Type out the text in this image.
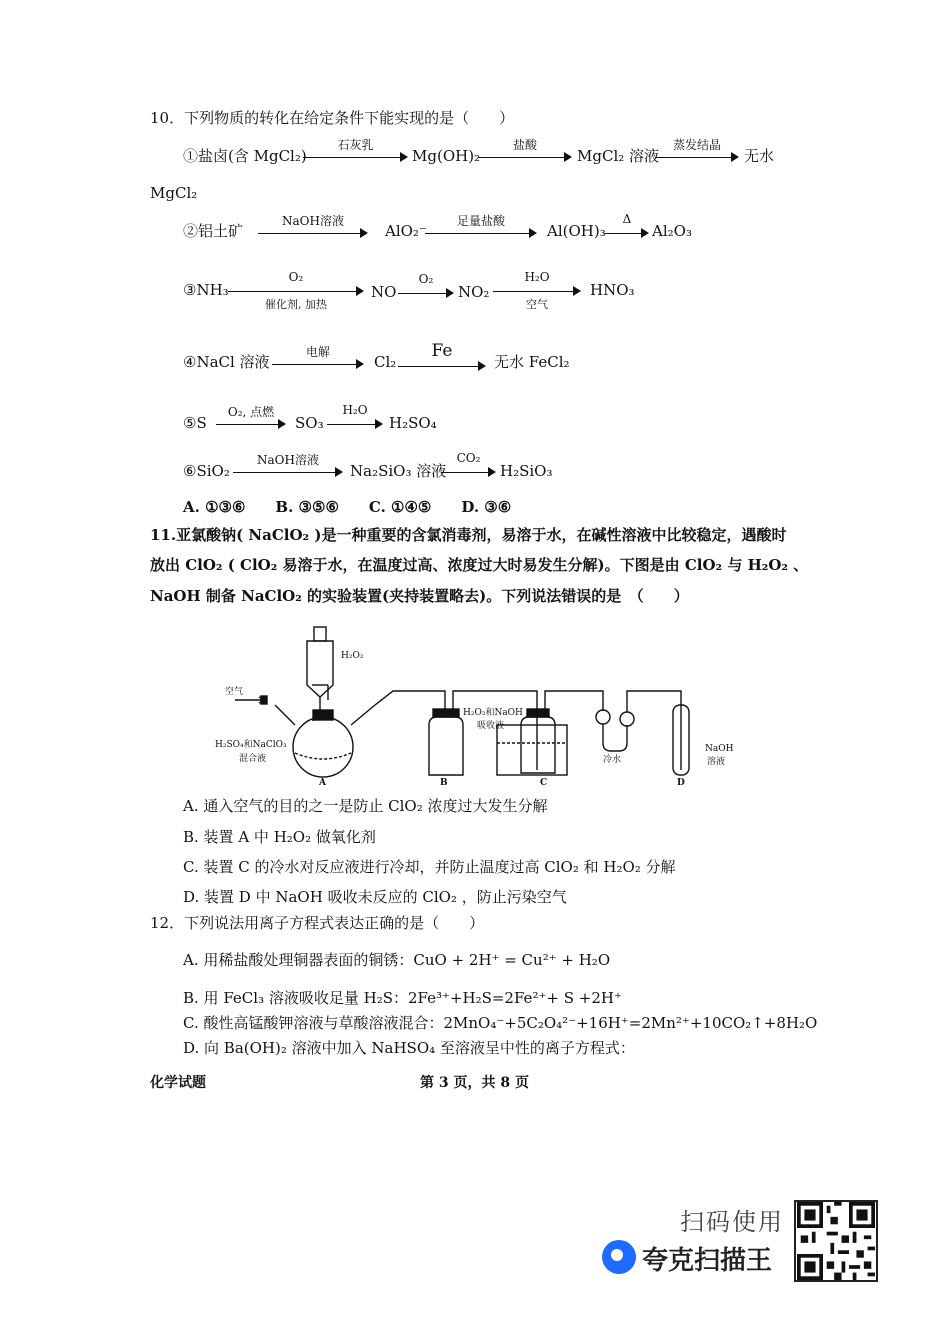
10．下列物质的转化在给定条件下能实现的是（　　）
①盐卤(含 MgCl₂)
石灰乳
Mg(OH)₂
盐酸
MgCl₂ 溶液
蒸发结晶
无水
MgCl₂
②铝土矿
NaOH溶液
AlO₂⁻
足量盐酸
Al(OH)₃
Δ
Al₂O₃
③NH₃
O₂
催化剂, 加热
NO
O₂
NO₂
H₂O
空气
HNO₃
④NaCl 溶液
电解
Cl₂
Fe
无水 FeCl₂
⑤S
O₂, 点燃
SO₃
H₂O
H₂SO₄
⑥SiO₂
NaOH溶液
Na₂SiO₃ 溶液
CO₂
H₂SiO₃
A. ①③⑥　　B. ③⑤⑥　　C. ①④⑤　　D. ③⑥
11.亚氯酸钠( NaClO₂ )是一种重要的含氯消毒剂，易溶于水，在碱性溶液中比较稳定，遇酸时
放出 ClO₂ ( ClO₂ 易溶于水，在温度过高、浓度过大时易发生分解)。下图是由 ClO₂ 与 H₂O₂ 、
NaOH 制备 NaClO₂ 的实验装置(夹持装置略去)。下列说法错误的是　（　　）
H₂O₂
空气
H₂SO₄和NaClO₃
混合液
H₂O₂和NaOH
吸收液
冷水
NaOH
溶液
A	B	C	D
A. 通入空气的目的之一是防止 ClO₂ 浓度过大发生分解
B. 装置 A 中 H₂O₂ 做氧化剂
C. 装置 C 的冷水对反应液进行冷却，并防止温度过高 ClO₂ 和 H₂O₂ 分解
D. 装置 D 中 NaOH 吸收未反应的 ClO₂ ，防止污染空气
12．下列说法用离子方程式表达正确的是（　　）
A. 用稀盐酸处理铜器表面的铜锈：CuO + 2H⁺ = Cu²⁺ + H₂O
B. 用 FeCl₃ 溶液吸收足量 H₂S：2Fe³⁺+H₂S=2Fe²⁺+ S +2H⁺
C. 酸性高锰酸钾溶液与草酸溶液混合：2MnO₄⁻+5C₂O₄²⁻+16H⁺=2Mn²⁺+10CO₂↑+8H₂O
D. 向 Ba(OH)₂ 溶液中加入 NaHSO₄ 至溶液呈中性的离子方程式：
化学试题	第 3 页，共 8 页
扫码使用
夸克扫描王
